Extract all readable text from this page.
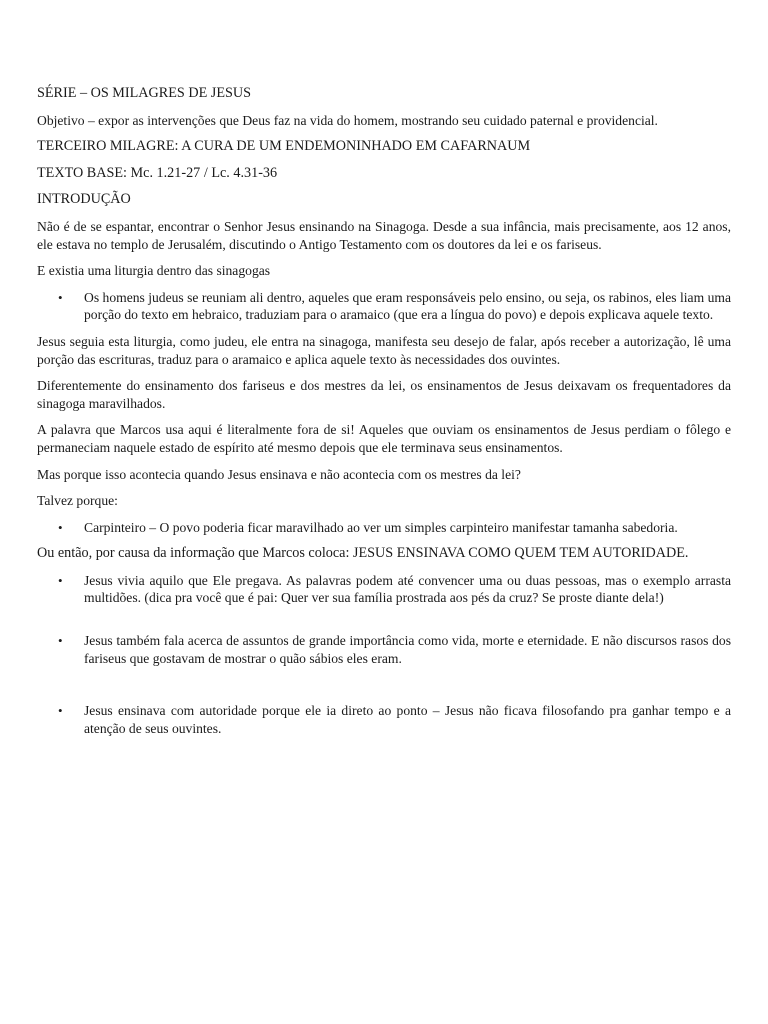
SÉRIE – OS MILAGRES DE JESUS

Objetivo – expor as intervenções que Deus faz na vida do homem, mostrando seu cuidado paternal e providencial.

TERCEIRO MILAGRE: A CURA DE UM ENDEMONINHADO EM CAFARNAUM

TEXTO BASE: Mc. 1.21-27 / Lc. 4.31-36

INTRODUÇÃO

Não é de se espantar, encontrar o Senhor Jesus ensinando na Sinagoga. Desde a sua infância, mais precisamente, aos 12 anos, ele estava no templo de Jerusalém, discutindo o Antigo Testamento com os doutores da lei e os fariseus.

E existia uma liturgia dentro das sinagogas

• Os homens judeus se reuniam ali dentro, aqueles que eram responsáveis pelo ensino, ou seja, os rabinos, eles liam uma porção do texto em hebraico, traduziam para o aramaico (que era a língua do povo) e depois explicava aquele texto.

Jesus seguia esta liturgia, como judeu, ele entra na sinagoga, manifesta seu desejo de falar, após receber a autorização, lê uma porção das escrituras, traduz para o aramaico e aplica aquele texto às necessidades dos ouvintes.

Diferentemente do ensinamento dos fariseus e dos mestres da lei, os ensinamentos de Jesus deixavam os frequentadores da sinagoga maravilhados.

A palavra que Marcos usa aqui é literalmente fora de si! Aqueles que ouviam os ensinamentos de Jesus perdiam o fôlego e permaneciam naquele estado de espírito até mesmo depois que ele terminava seus ensinamentos.

Mas porque isso acontecia quando Jesus ensinava e não acontecia com os mestres da lei?

Talvez porque:

• Carpinteiro – O povo poderia ficar maravilhado ao ver um simples carpinteiro manifestar tamanha sabedoria.

Ou então, por causa da informação que Marcos coloca: JESUS ENSINAVA COMO QUEM TEM AUTORIDADE.

• Jesus vivia aquilo que Ele pregava. As palavras podem até convencer uma ou duas pessoas, mas o exemplo arrasta multidões. (dica pra você que é pai: Quer ver sua família prostrada aos pés da cruz? Se proste diante dela!)
• Jesus também fala acerca de assuntos de grande importância como vida, morte e eternidade. E não discursos rasos dos fariseus que gostavam de mostrar o quão sábios eles eram.
• Jesus ensinava com autoridade porque ele ia direto ao ponto – Jesus não ficava filosofando pra ganhar tempo e a atenção de seus ouvintes.
